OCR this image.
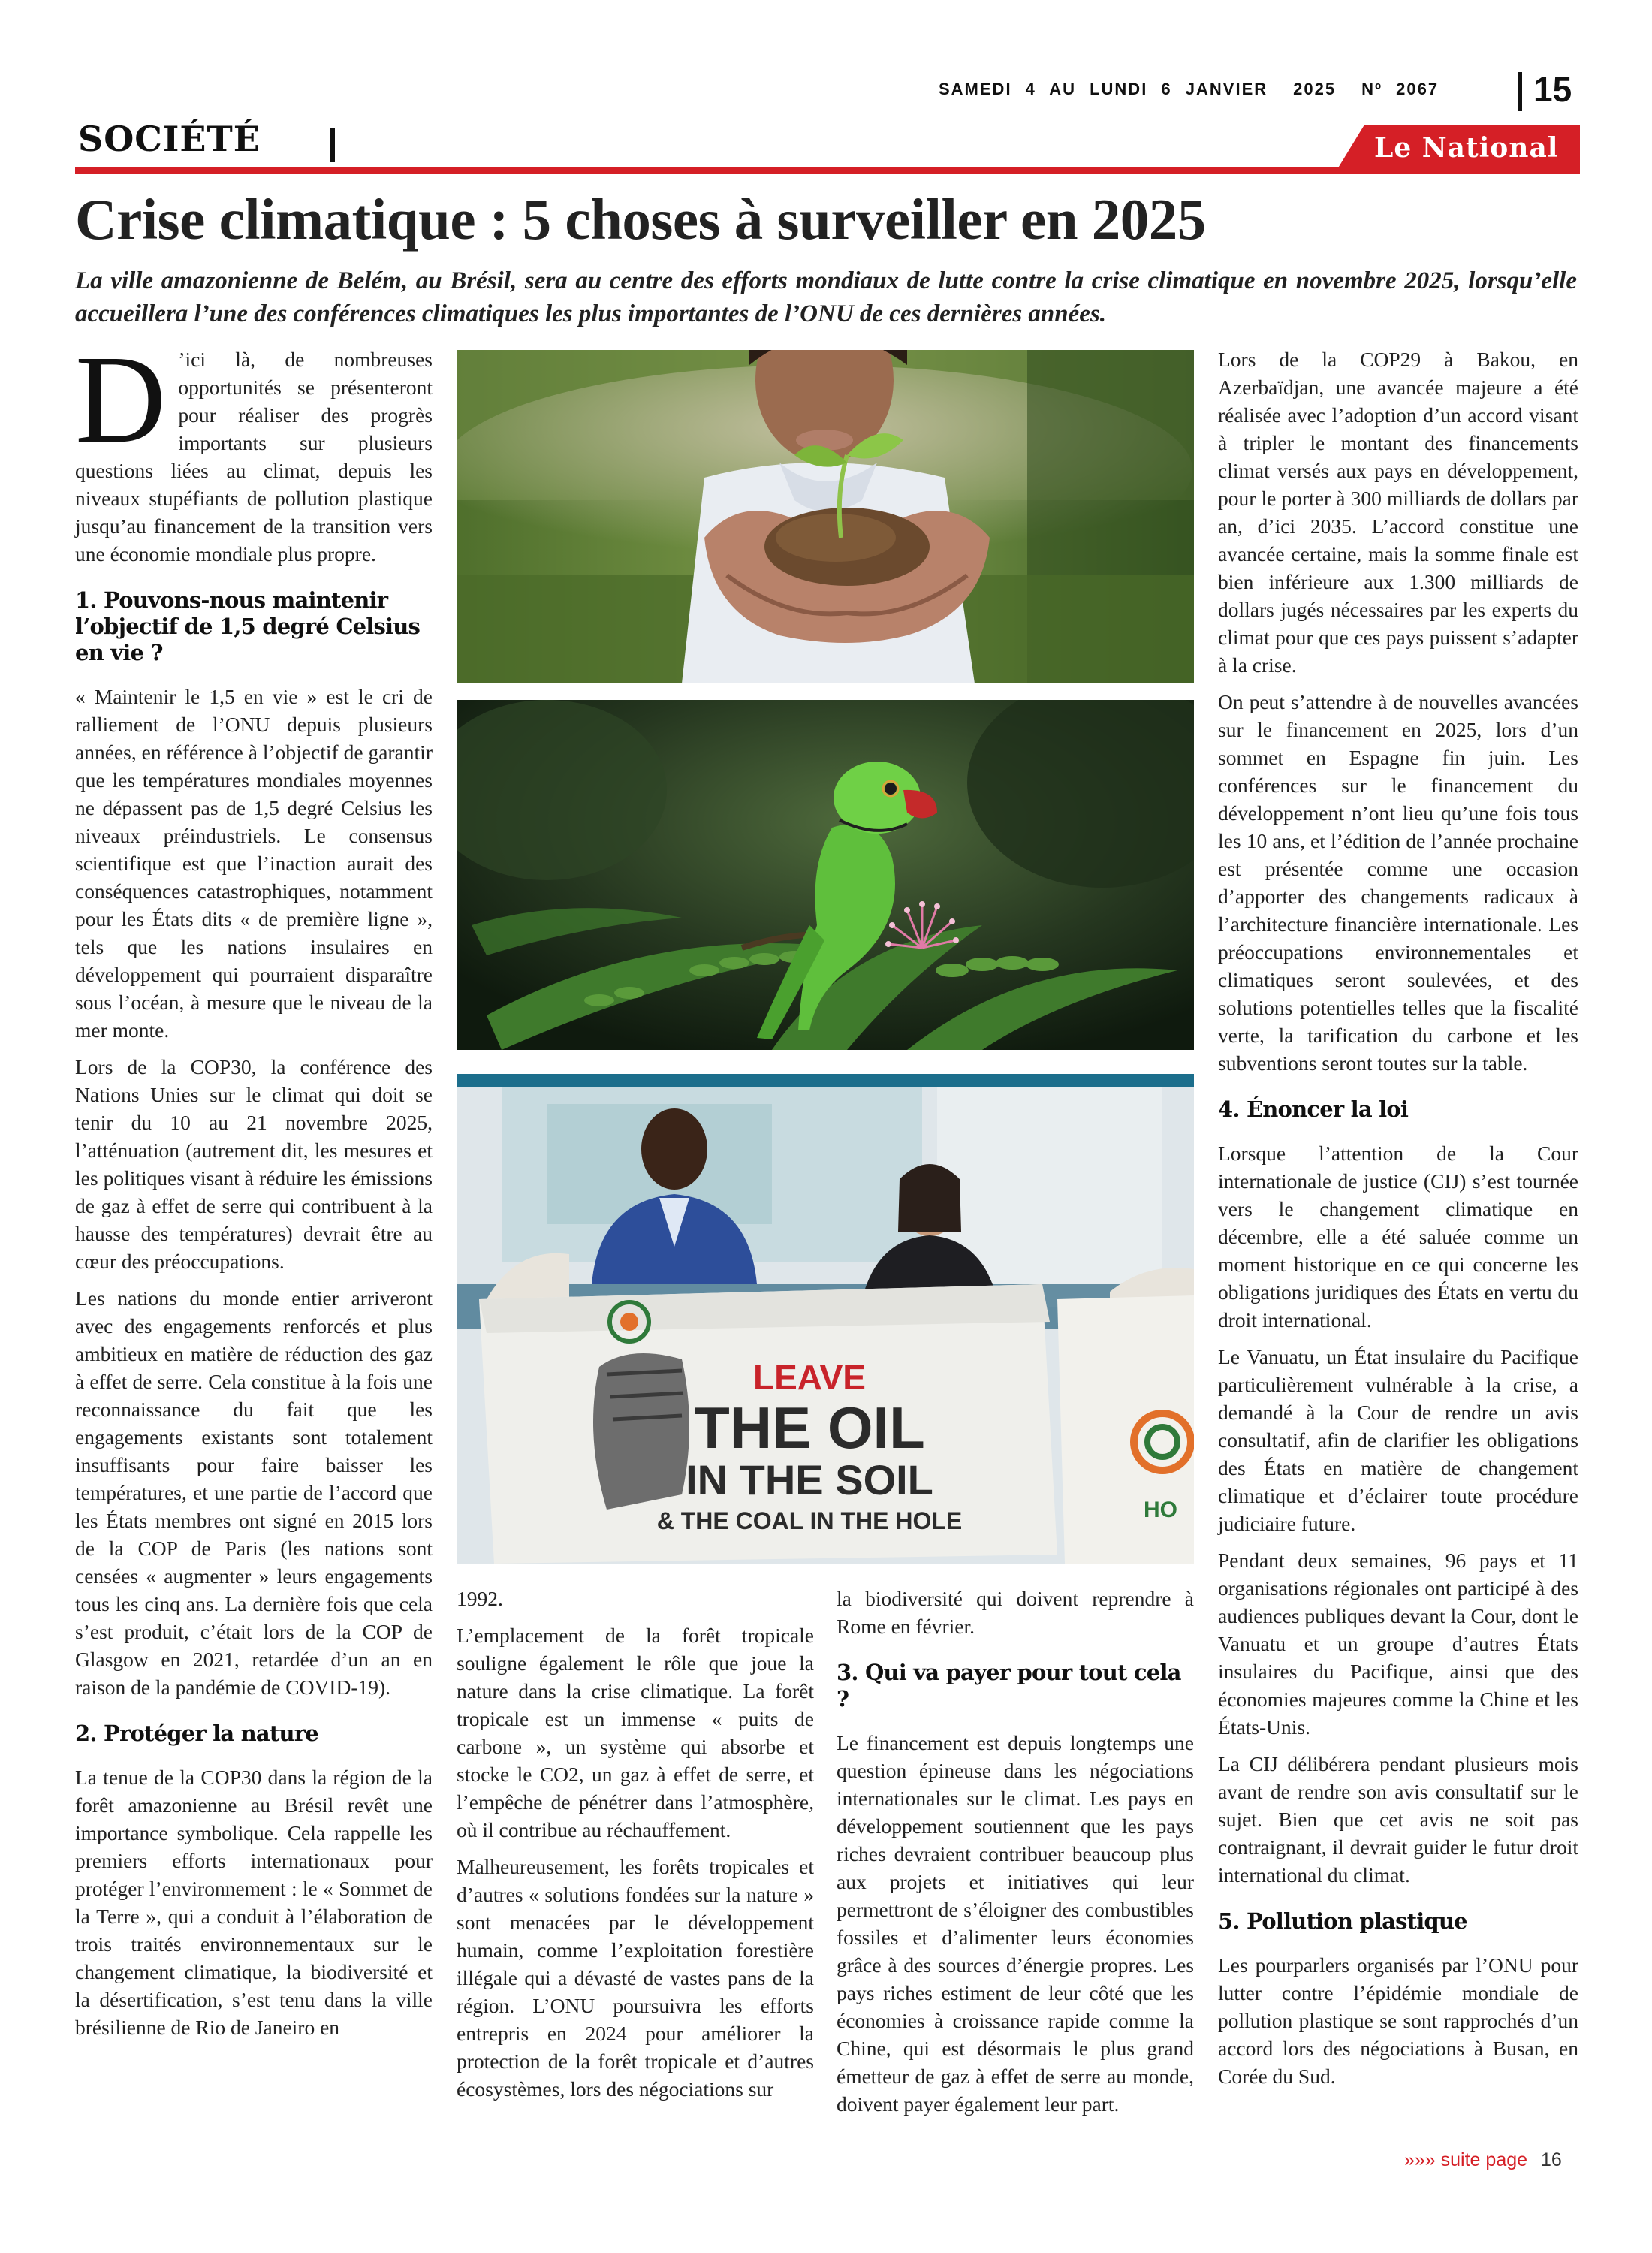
SAMEDI 4 AU LUNDI 6 JANVIER 2025 Nº 2067	15
SOCIÉTÉ	Le National
Crise climatique : 5 choses à surveiller en 2025
La ville amazonienne de Belém, au Brésil, sera au centre des efforts mondiaux de lutte contre la crise climatique en novembre 2025, lorsqu’elle accueillera l’une des conférences climatiques les plus importantes de l’ONU de ces dernières années.

D ’ici là, de nombreuses opportunités se présenteront pour réaliser des progrès importants sur plusieurs questions liées au climat, depuis les niveaux stupéfiants de pollution plastique jusqu’au financement de la transition vers une économie mondiale plus propre.

1. Pouvons-nous maintenir l’objectif de 1,5 degré Celsius en vie ?

« Maintenir le 1,5 en vie » est le cri de ralliement de l’ONU depuis plusieurs années, en référence à l’objectif de garantir que les températures mondiales moyennes ne dépassent pas de 1,5 degré Celsius les niveaux préindustriels. Le consensus scientifique est que l’inaction aurait des conséquences catastrophiques, notamment pour les États dits « de première ligne », tels que les nations insulaires en développement qui pourraient disparaître sous l’océan, à mesure que le niveau de la mer monte.

Lors de la COP30, la conférence des Nations Unies sur le climat qui doit se tenir du 10 au 21 novembre 2025, l’atténuation (autrement dit, les mesures et les politiques visant à réduire les émissions de gaz à effet de serre qui contribuent à la hausse des températures) devrait être au cœur des préoccupations.

Les nations du monde entier arriveront avec des engagements renforcés et plus ambitieux en matière de réduction des gaz à effet de serre. Cela constitue à la fois une reconnaissance du fait que les engagements existants sont totalement insuffisants pour faire baisser les températures, et une partie de l’accord que les États membres ont signé en 2015 lors de la COP de Paris (les nations sont censées « augmenter » leurs engagements tous les cinq ans. La dernière fois que cela s’est produit, c’était lors de la COP de Glasgow en 2021, retardée d’un an en raison de la pandémie de COVID-19).

2. Protéger la nature

La tenue de la COP30 dans la région de la forêt amazonienne au Brésil revêt une importance symbolique. Cela rappelle les premiers efforts internationaux pour protéger l’environnement : le « Sommet de la Terre », qui a conduit à l’élaboration de trois traités environnementaux sur le changement climatique, la biodiversité et la désertification, s’est tenu dans la ville brésilienne de Rio de Janeiro en

HO
LEAVE
THE OIL
IN THE SOIL
& THE COAL IN THE HOLE

1992.

L’emplacement de la forêt tropicale souligne également le rôle que joue la nature dans la crise climatique. La forêt tropicale est un immense « puits de carbone », un système qui absorbe et stocke le CO2, un gaz à effet de serre, et l’empêche de pénétrer dans l’atmosphère, où il contribue au réchauffement.

Malheureusement, les forêts tropicales et d’autres « solutions fondées sur la nature » sont menacées par le développement humain, comme l’exploitation forestière illégale qui a dévasté de vastes pans de la région. L’ONU poursuivra les efforts entrepris en 2024 pour améliorer la protection de la forêt tropicale et d’autres écosystèmes, lors des négociations sur

la biodiversité qui doivent reprendre à Rome en février.

3. Qui va payer pour tout cela ?

Le financement est depuis longtemps une question épineuse dans les négociations internationales sur le climat. Les pays en développement soutiennent que les pays riches devraient contribuer beaucoup plus aux projets et initiatives qui leur permettront de s’éloigner des combustibles fossiles et d’alimenter leurs économies grâce à des sources d’énergie propres. Les pays riches estiment de leur côté que les économies à croissance rapide comme la Chine, qui est désormais le plus grand émetteur de gaz à effet de serre au monde, doivent payer également leur part.

Lors de la COP29 à Bakou, en Azerbaïdjan, une avancée majeure a été réalisée avec l’adoption d’un accord visant à tripler le montant des financements climat versés aux pays en développement, pour le porter à 300 milliards de dollars par an, d’ici 2035. L’accord constitue une avancée certaine, mais la somme finale est bien inférieure aux 1.300 milliards de dollars jugés nécessaires par les experts du climat pour que ces pays puissent s’adapter à la crise.

On peut s’attendre à de nouvelles avancées sur le financement en 2025, lors d’un sommet en Espagne fin juin. Les conférences sur le financement du développement n’ont lieu qu’une fois tous les 10 ans, et l’édition de l’année prochaine est présentée comme une occasion d’apporter des changements radicaux à l’architecture financière internationale. Les préoccupations environnementales et climatiques seront soulevées, et des solutions potentielles telles que la fiscalité verte, la tarification du carbone et les subventions seront toutes sur la table.

4. Énoncer la loi

Lorsque l’attention de la Cour internationale de justice (CIJ) s’est tournée vers le changement climatique en décembre, elle a été saluée comme un moment historique en ce qui concerne les obligations juridiques des États en vertu du droit international.

Le Vanuatu, un État insulaire du Pacifique particulièrement vulnérable à la crise, a demandé à la Cour de rendre un avis consultatif, afin de clarifier les obligations des États en matière de changement climatique et d’éclairer toute procédure judiciaire future.

Pendant deux semaines, 96 pays et 11 organisations régionales ont participé à des audiences publiques devant la Cour, dont le Vanuatu et un groupe d’autres États insulaires du Pacifique, ainsi que des économies majeures comme la Chine et les États-Unis.

La CIJ délibérera pendant plusieurs mois avant de rendre son avis consultatif sur le sujet. Bien que cet avis ne soit pas contraignant, il devrait guider le futur droit international du climat.

5. Pollution plastique

Les pourparlers organisés par l’ONU pour lutter contre l’épidémie mondiale de pollution plastique se sont rapprochés d’un accord lors des négociations à Busan, en Corée du Sud.

»»» suite page 16
